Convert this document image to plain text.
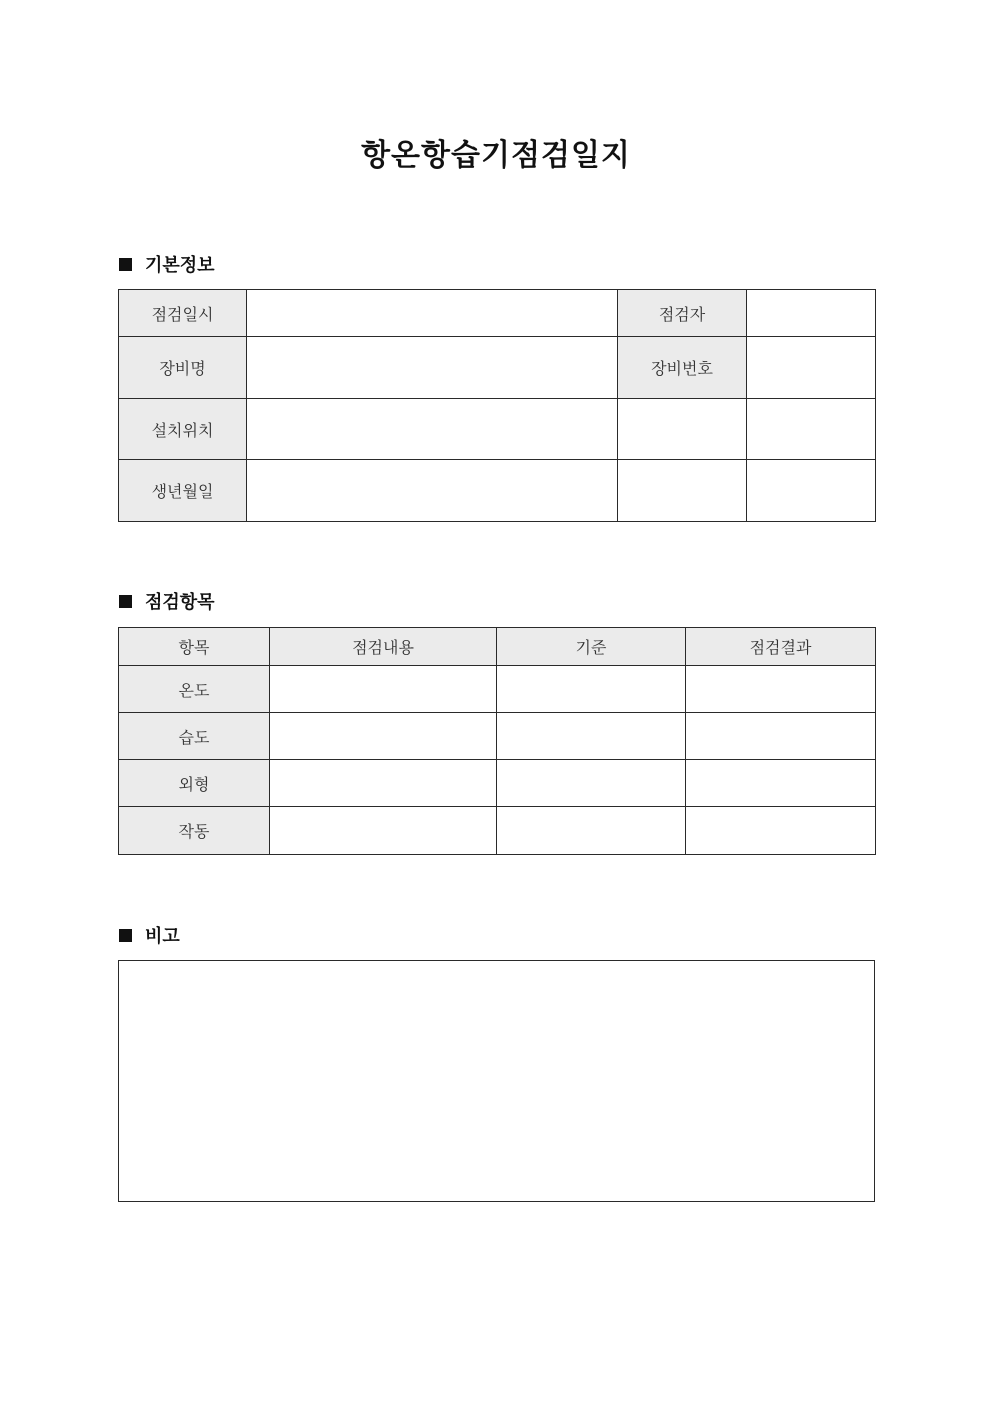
항온항습기점검일지
기본정보
점검일시		점검자	
장비명		장비번호	
설치위치			
생년월일			
점검항목
항목	점검내용	기준	점검결과
온도			
습도			
외형			
작동			
비고
